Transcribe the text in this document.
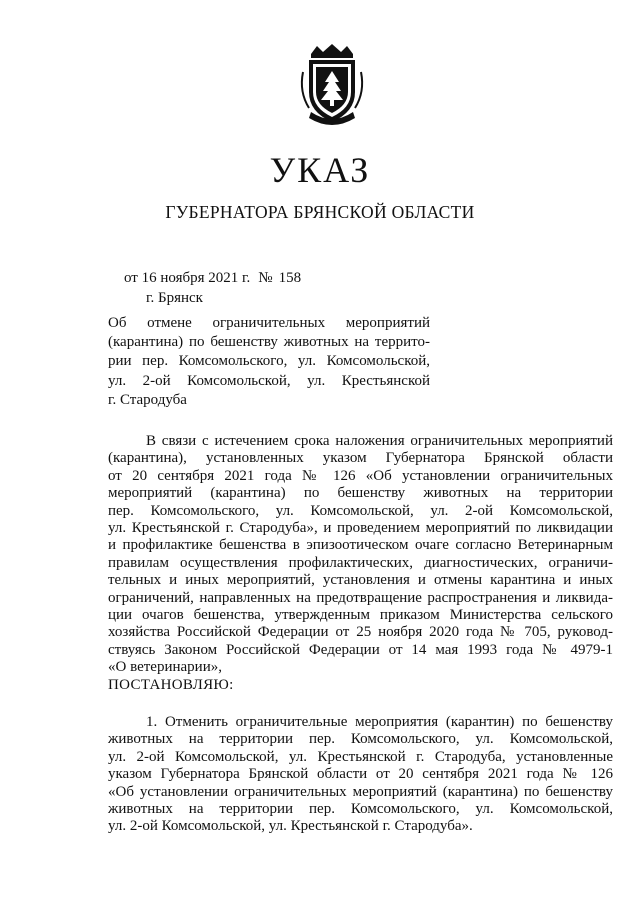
УКАЗ
ГУБЕРНАТОРА БРЯНСКОЙ ОБЛАСТИ
от 16 ноября 2021 г. № 158
г. Брянск
Об отмене ограничительных мероприятий
(карантина) по бешенству животных на террито-
рии пер. Комсомольского, ул. Комсомольской,
ул. 2-ой Комсомольской, ул. Крестьянской
г. Стародуба
В связи с истечением срока наложения ограничительных мероприятий
(карантина), установленных указом Губернатора Брянской области
от 20 сентября 2021 года № 126 «Об установлении ограничительных
мероприятий (карантина) по бешенству животных на территории
пер. Комсомольского, ул. Комсомольской, ул. 2-ой Комсомольской,
ул. Крестьянской г. Стародуба», и проведением мероприятий по ликвидации
и профилактике бешенства в эпизоотическом очаге согласно Ветеринарным
правилам осуществления профилактических, диагностических, ограничи-
тельных и иных мероприятий, установления и отмены карантина и иных
ограничений, направленных на предотвращение распространения и ликвида-
ции очагов бешенства, утвержденным приказом Министерства сельского
хозяйства Российской Федерации от 25 ноября 2020 года № 705, руковод-
ствуясь Законом Российской Федерации от 14 мая 1993 года № 4979-1
«О ветеринарии»,
ПОСТАНОВЛЯЮ:
1. Отменить ограничительные мероприятия (карантин) по бешенству
животных на территории пер. Комсомольского, ул. Комсомольской,
ул. 2-ой Комсомольской, ул. Крестьянской г. Стародуба, установленные
указом Губернатора Брянской области от 20 сентября 2021 года № 126
«Об установлении ограничительных мероприятий (карантина) по бешенству
животных на территории пер. Комсомольского, ул. Комсомольской,
ул. 2-ой Комсомольской, ул. Крестьянской г. Стародуба».
